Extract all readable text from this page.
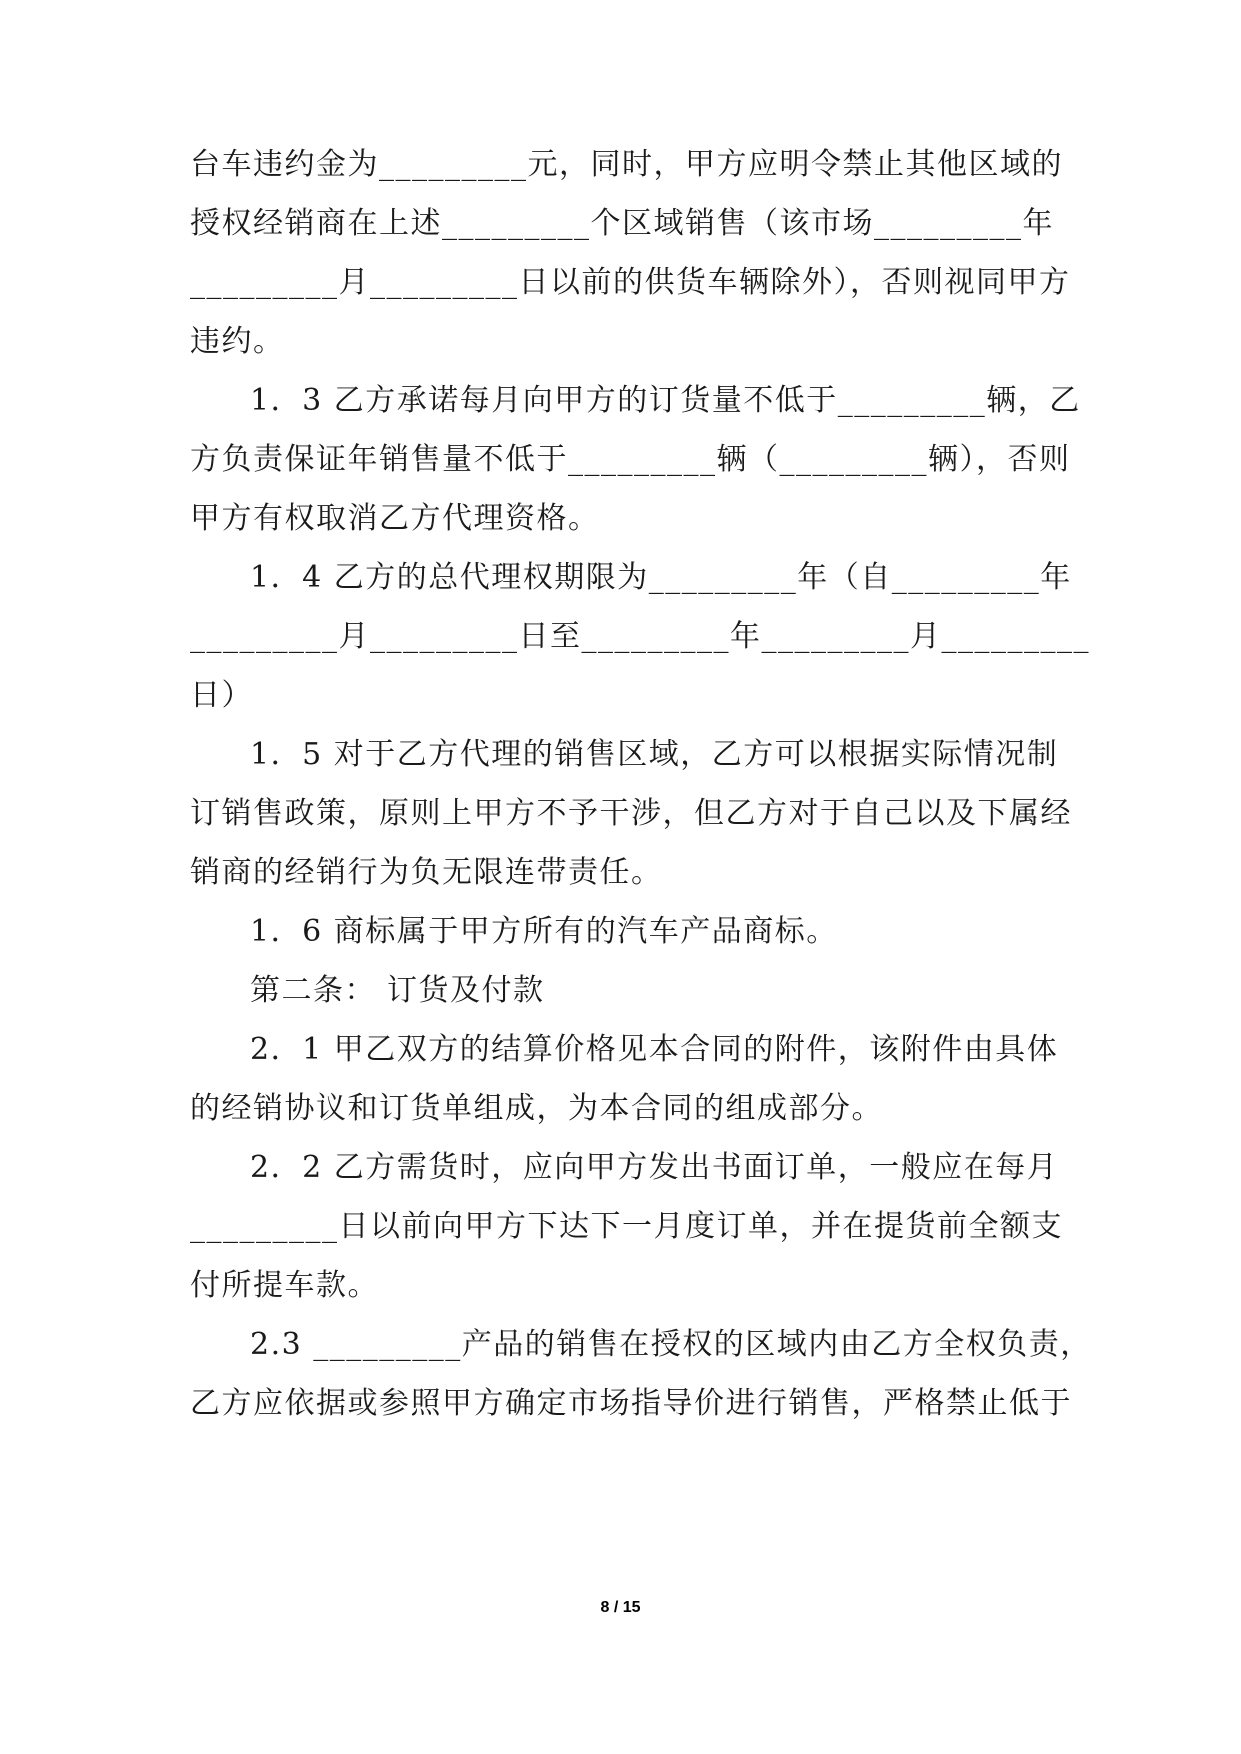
台车违约金为_________元，同时，甲方应明令禁止其他区域的
授权经销商在上述_________个区域销售（该市场_________年
_________月_________日以前的供货车辆除外），否则视同甲方
违约。
1．3 乙方承诺每月向甲方的订货量不低于_________辆，乙
方负责保证年销售量不低于_________辆（_________辆），否则
甲方有权取消乙方代理资格。
1．4 乙方的总代理权期限为_________年（自_________年
_________月_________日至_________年_________月_________
日）
1．5 对于乙方代理的销售区域，乙方可以根据实际情况制
订销售政策，原则上甲方不予干涉，但乙方对于自己以及下属经
销商的经销行为负无限连带责任。
1．6 商标属于甲方所有的汽车产品商标。
第二条： 订货及付款
2．1 甲乙双方的结算价格见本合同的附件，该附件由具体
的经销协议和订货单组成，为本合同的组成部分。
2．2 乙方需货时，应向甲方发出书面订单，一般应在每月
_________日以前向甲方下达下一月度订单，并在提货前全额支
付所提车款。
2.3 _________产品的销售在授权的区域内由乙方全权负责，
乙方应依据或参照甲方确定市场指导价进行销售，严格禁止低于
8 / 15
